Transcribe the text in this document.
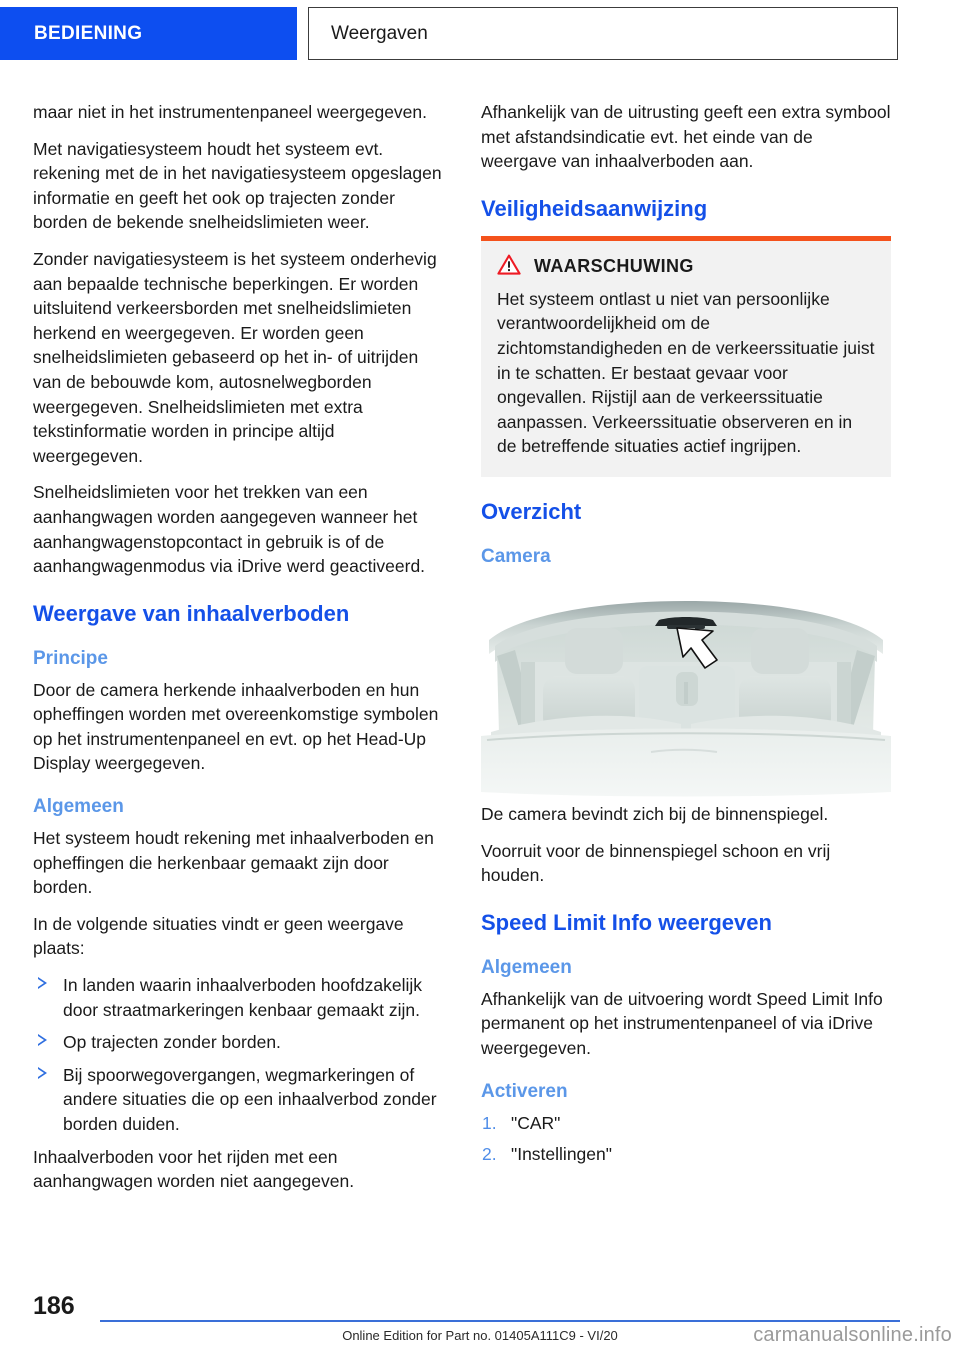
BEDIENING	Weergaven

maar niet in het instrumentenpaneel weergegeven.

Met navigatiesysteem houdt het systeem evt. rekening met de in het navigatiesysteem opgeslagen informatie en geeft het ook op trajecten zonder borden de bekende snelheidslimieten weer.

Zonder navigatiesysteem is het systeem onderhevig aan bepaalde technische beperkingen. Er worden uitsluitend verkeersborden met snelheidslimieten herkend en weergegeven. Er worden geen snelheidslimieten gebaseerd op het in- of uitrijden van de bebouwde kom, autosnelwegborden weergegeven. Snelheidslimieten met extra tekstinformatie worden in principe altijd weergegeven.

Snelheidslimieten voor het trekken van een aanhangwagen worden aangegeven wanneer het aanhangwagenstopcontact in gebruik is of de aanhangwagenmodus via iDrive werd geactiveerd.

Weergave van inhaalverboden
Principe

Door de camera herkende inhaalverboden en hun opheffingen worden met overeenkomstige symbolen op het instrumentenpaneel en evt. op het Head-Up Display weergegeven.

Algemeen

Het systeem houdt rekening met inhaalverboden en opheffingen die herkenbaar gemaakt zijn door borden.

In de volgende situaties vindt er geen weergave plaats:

In landen waarin inhaalverboden hoofdzakelijk door straatmarkeringen kenbaar gemaakt zijn.
Op trajecten zonder borden.
Bij spoorwegovergangen, wegmarkeringen of andere situaties die op een inhaalverbod zonder borden duiden.

Inhaalverboden voor het rijden met een aanhangwagen worden niet aangegeven.

Afhankelijk van de uitrusting geeft een extra symbool met afstandsindicatie evt. het einde van de weergave van inhaalverboden aan.

Veiligheidsaanwijzing
WAARSCHUWING
Het systeem ontlast u niet van persoonlijke verantwoordelijkheid om de zichtomstandigheden en de verkeerssituatie juist in te schatten. Er bestaat gevaar voor ongevallen. Rijstijl aan de verkeerssituatie aanpassen. Verkeerssituatie observeren en in de betreffende situaties actief ingrijpen.
Overzicht
Camera

De camera bevindt zich bij de binnenspiegel.

Voorruit voor de binnenspiegel schoon en vrij houden.

Speed Limit Info weergeven
Algemeen

Afhankelijk van de uitvoering wordt Speed Limit Info permanent op het instrumentenpaneel of via iDrive weergegeven.

Activeren
"CAR"
"Instellingen"
186
Online Edition for Part no. 01405A111C9 - VI/20	carmanualsonline.info
